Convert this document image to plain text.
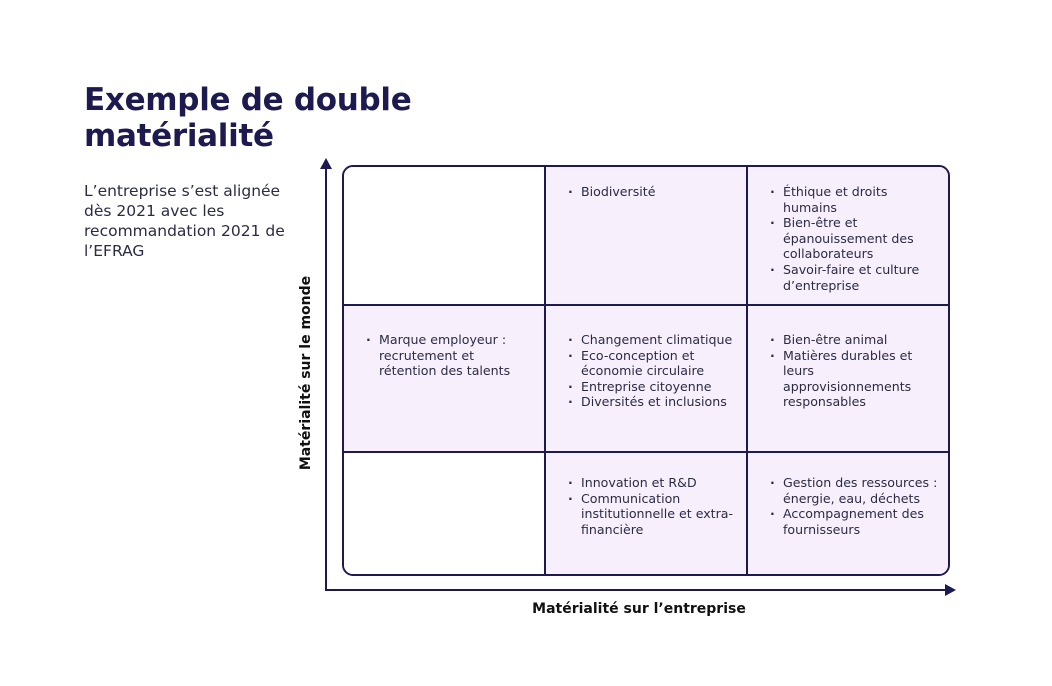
Exemple de double matérialité
L’entreprise s’est alignée dès 2021 avec les recommandation 2021 de l’EFRAG
Matérialité sur le monde
Matérialité sur l’entreprise
· Biodiversité	· Éthique et droits humains
· Bien-être et épanouissement des collaborateurs
· Savoir-faire et culture d’entreprise
· Marque employeur : recrutement et rétention des talents
· Changement climatique
· Eco-conception et économie circulaire
· Entreprise citoyenne
· Diversités et inclusions
· Bien-être animal
· Matières durables et leurs approvisionnements responsables
· Innovation et R&D
· Communication institutionnelle et extra-financière
· Gestion des ressources : énergie, eau, déchets
· Accompagnement des fournisseurs
